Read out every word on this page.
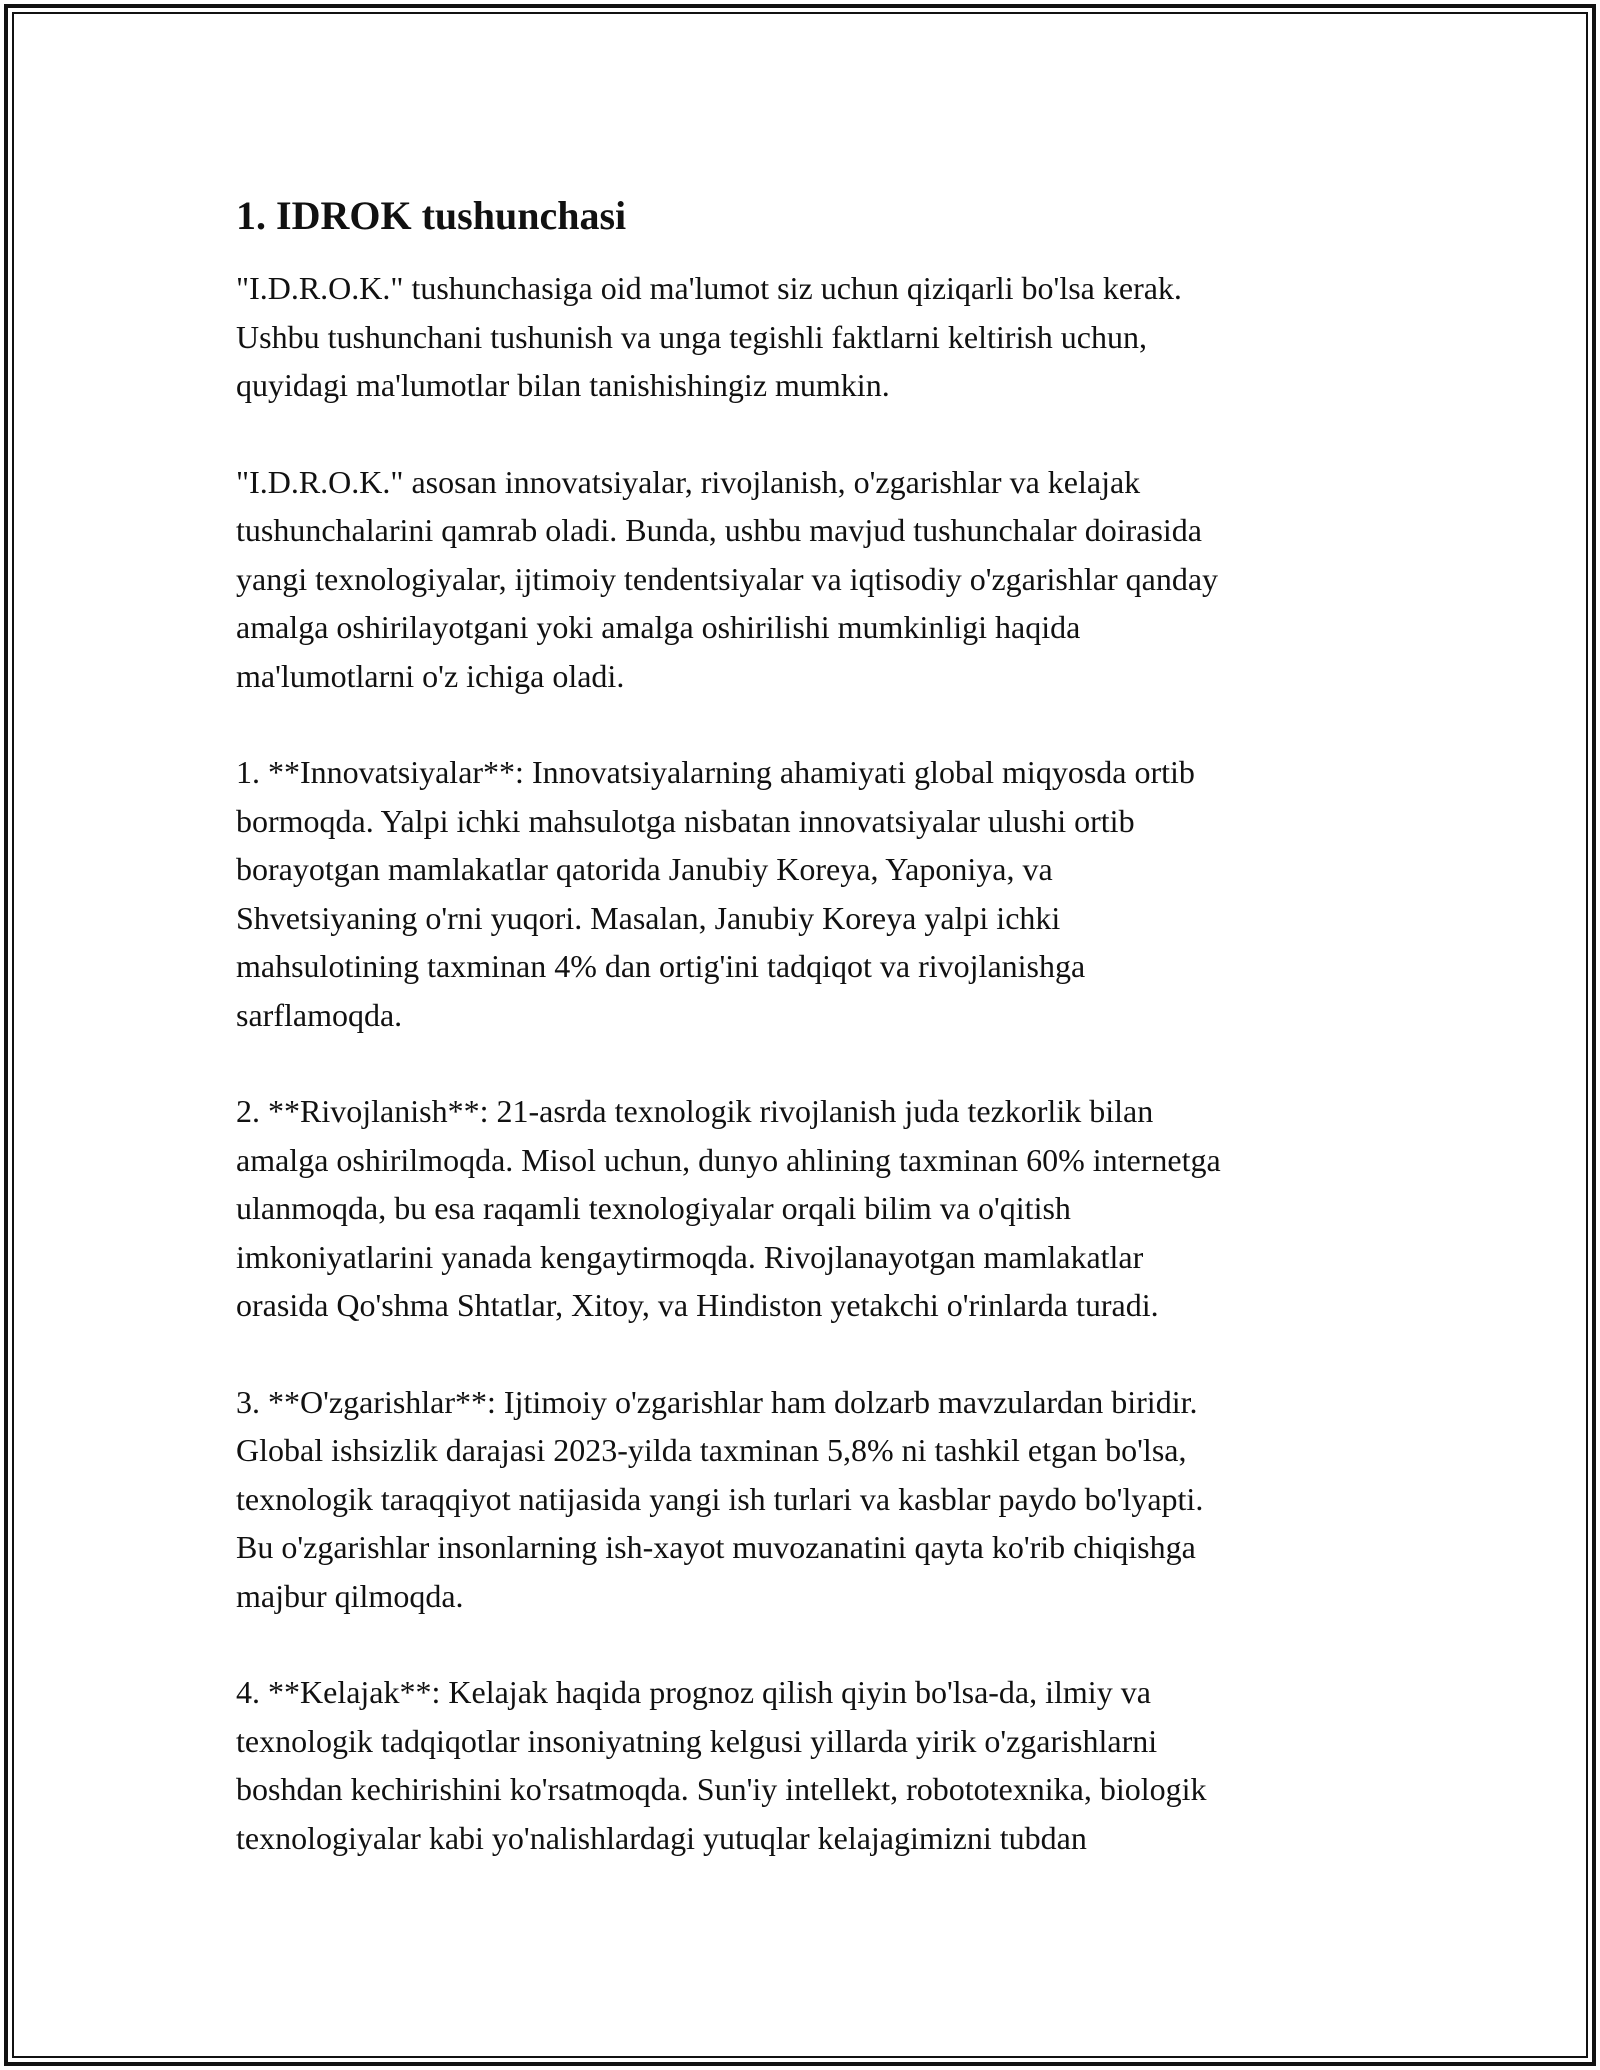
1. IDROK tushunchasi

"I.D.R.O.K." tushunchasiga oid ma'lumot siz uchun qiziqarli bo'lsa kerak.
Ushbu tushunchani tushunish va unga tegishli faktlarni keltirish uchun,
quyidagi ma'lumotlar bilan tanishishingiz mumkin.

"I.D.R.O.K." asosan innovatsiyalar, rivojlanish, o'zgarishlar va kelajak
tushunchalarini qamrab oladi. Bunda, ushbu mavjud tushunchalar doirasida
yangi texnologiyalar, ijtimoiy tendentsiyalar va iqtisodiy o'zgarishlar qanday
amalga oshirilayotgani yoki amalga oshirilishi mumkinligi haqida
ma'lumotlarni o'z ichiga oladi.

1. **Innovatsiyalar**: Innovatsiyalarning ahamiyati global miqyosda ortib
bormoqda. Yalpi ichki mahsulotga nisbatan innovatsiyalar ulushi ortib
borayotgan mamlakatlar qatorida Janubiy Koreya, Yaponiya, va
Shvetsiyaning o'rni yuqori. Masalan, Janubiy Koreya yalpi ichki
mahsulotining taxminan 4% dan ortig'ini tadqiqot va rivojlanishga
sarflamoqda.

2. **Rivojlanish**: 21-asrda texnologik rivojlanish juda tezkorlik bilan
amalga oshirilmoqda. Misol uchun, dunyo ahlining taxminan 60% internetga
ulanmoqda, bu esa raqamli texnologiyalar orqali bilim va o'qitish
imkoniyatlarini yanada kengaytirmoqda. Rivojlanayotgan mamlakatlar
orasida Qo'shma Shtatlar, Xitoy, va Hindiston yetakchi o'rinlarda turadi.

3. **O'zgarishlar**: Ijtimoiy o'zgarishlar ham dolzarb mavzulardan biridir.
Global ishsizlik darajasi 2023-yilda taxminan 5,8% ni tashkil etgan bo'lsa,
texnologik taraqqiyot natijasida yangi ish turlari va kasblar paydo bo'lyapti.
Bu o'zgarishlar insonlarning ish-xayot muvozanatini qayta ko'rib chiqishga
majbur qilmoqda.

4. **Kelajak**: Kelajak haqida prognoz qilish qiyin bo'lsa-da, ilmiy va
texnologik tadqiqotlar insoniyatning kelgusi yillarda yirik o'zgarishlarni
boshdan kechirishini ko'rsatmoqda. Sun'iy intellekt, robototexnika, biologik
texnologiyalar kabi yo'nalishlardagi yutuqlar kelajagimizni tubdan
